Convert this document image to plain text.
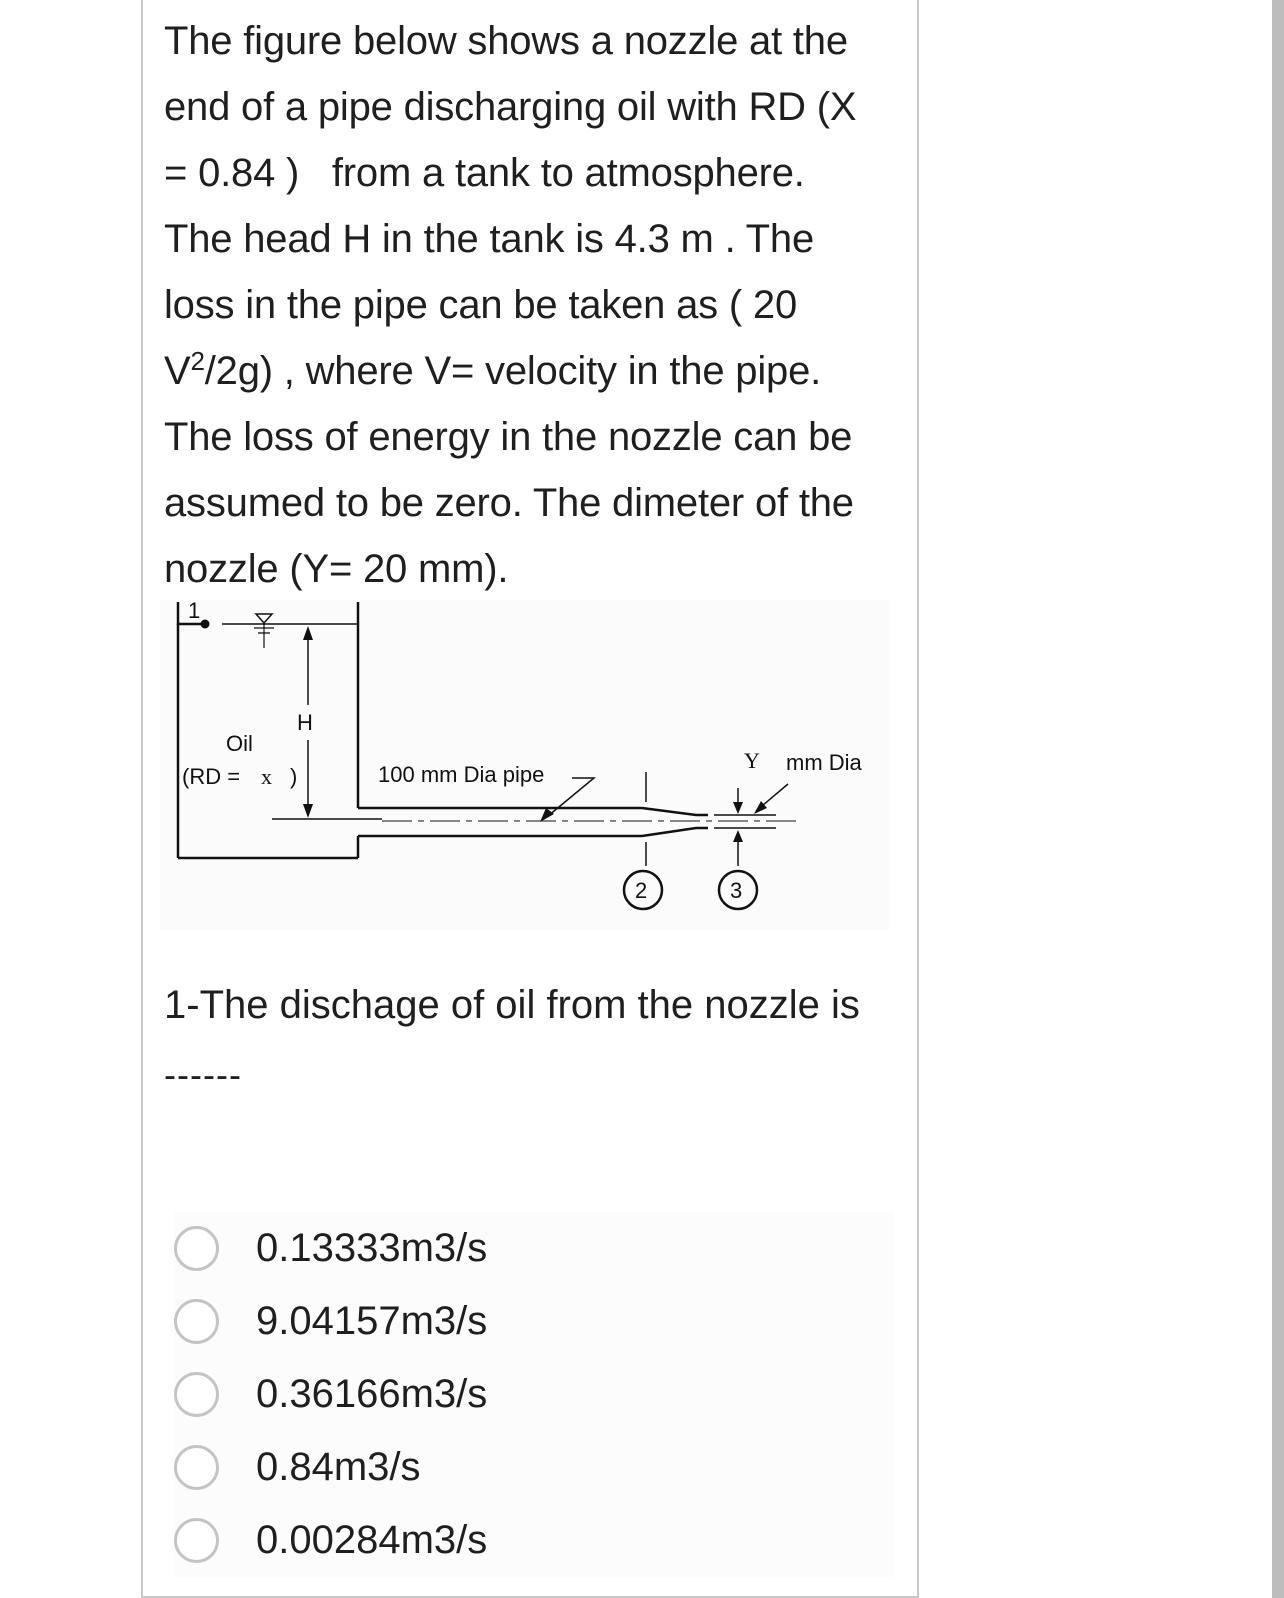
The figure below shows a nozzle at the
end of a pipe discharging oil with RD (X
= 0.84 )   from a tank to atmosphere.
The head H in the tank is 4.3 m . The
loss in the pipe can be taken as ( 20
$V^2/2g$) , where V= velocity in the pipe.
The loss of energy in the nozzle can be
assumed to be zero. The dimeter of the
nozzle (Y= 20 mm).
1
H
Oil
(RD = x )
2	3
Y mm Dia
100 mm Dia pipe
1-The dischage of oil from the nozzle is
------
0.13333m3/s
9.04157m3/s
0.36166m3/s
0.84m3/s
0.00284m3/s
